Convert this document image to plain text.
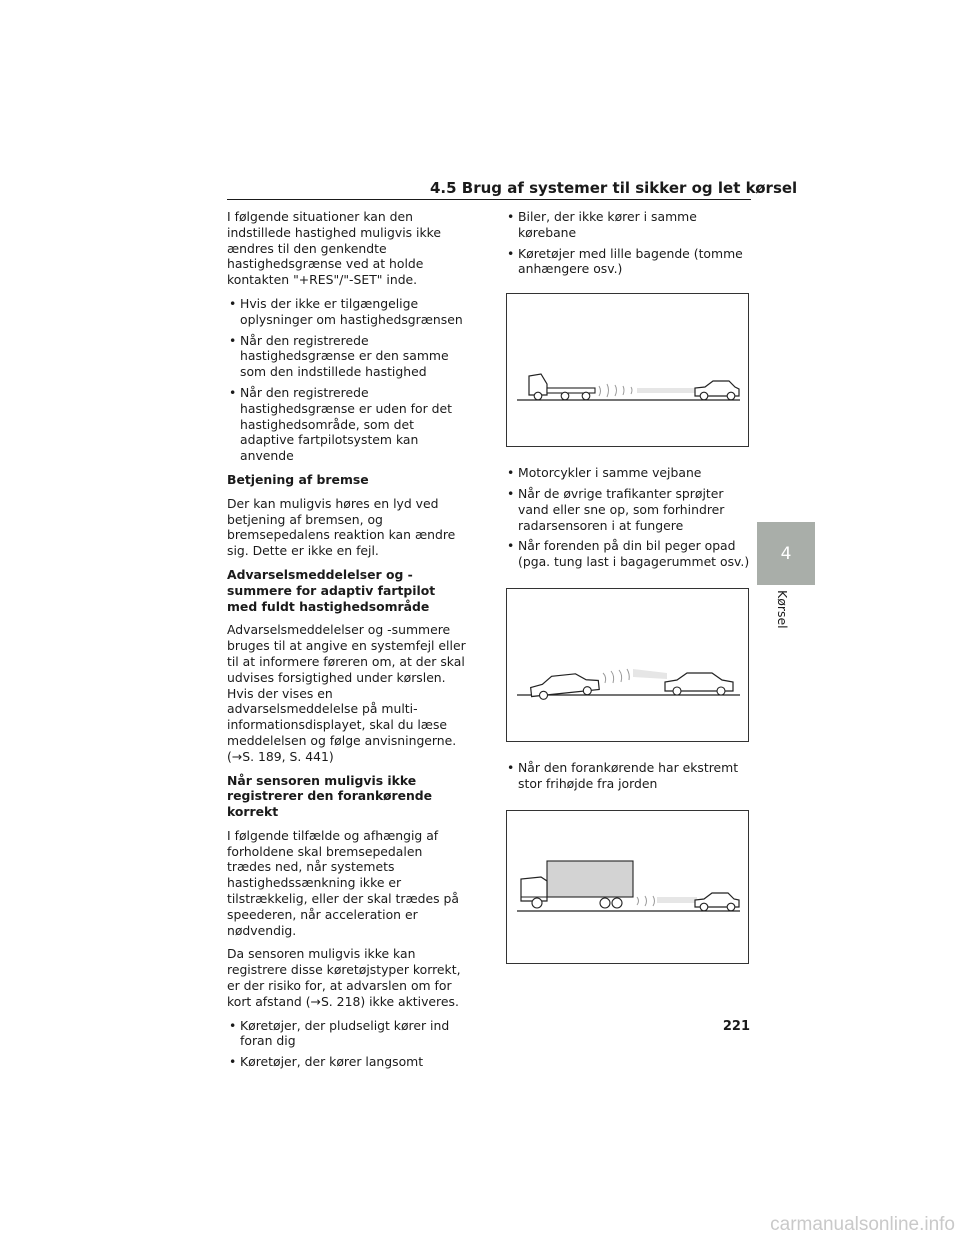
4.5 Brug af systemer til sikker og let kørsel

I følgende situationer kan den indstillede hastighed muligvis ikke ændres til den genkendte hastighedsgrænse ved at holde kontakten "+RES"/"-SET" inde.

• Hvis der ikke er tilgængelige oplysninger om hastighedsgrænsen
• Når den registrerede hastighedsgrænse er den samme som den indstillede hastighed
• Når den registrerede hastighedsgrænse er uden for det hastighedsområde, som det adaptive fartpilotsystem kan anvende
Betjening af bremse

Der kan muligvis høres en lyd ved betjening af bremsen, og bremsepedalens reaktion kan ændre sig. Dette er ikke en fejl.

Advarselsmeddelelser og -summere for adaptiv fartpilot med fuldt hastighedsområde

Advarselsmeddelelser og -summere bruges til at angive en systemfejl eller til at informere føreren om, at der skal udvises forsigtighed under kørslen. Hvis der vises en advarselsmeddelelse på multi-informationsdisplayet, skal du læse meddelelsen og følge anvisningerne. (→S. 189, S. 441)

Når sensoren muligvis ikke registrerer den forankørende korrekt

I følgende tilfælde og afhængig af forholdene skal bremsepedalen trædes ned, når systemets hastighedssænkning ikke er tilstrækkelig, eller der skal trædes på speederen, når acceleration er nødvendig.

Da sensoren muligvis ikke kan registrere disse køretøjstyper korrekt, er der risiko for, at advarslen om for kort afstand (→S. 218) ikke aktiveres.

• Køretøjer, der pludseligt kører ind foran dig
• Køretøjer, der kører langsomt
• Biler, der ikke kører i samme kørebane
• Køretøjer med lille bagende (tomme anhængere osv.)
• Motorcykler i samme vejbane
• Når de øvrige trafikanter sprøjter vand eller sne op, som forhindrer radarsensoren i at fungere
• Når forenden på din bil peger opad (pga. tung last i bagagerummet osv.)
• Når den forankørende har ekstremt stor frihøjde fra jorden
4
Kørsel
221
carmanualsonline.info
